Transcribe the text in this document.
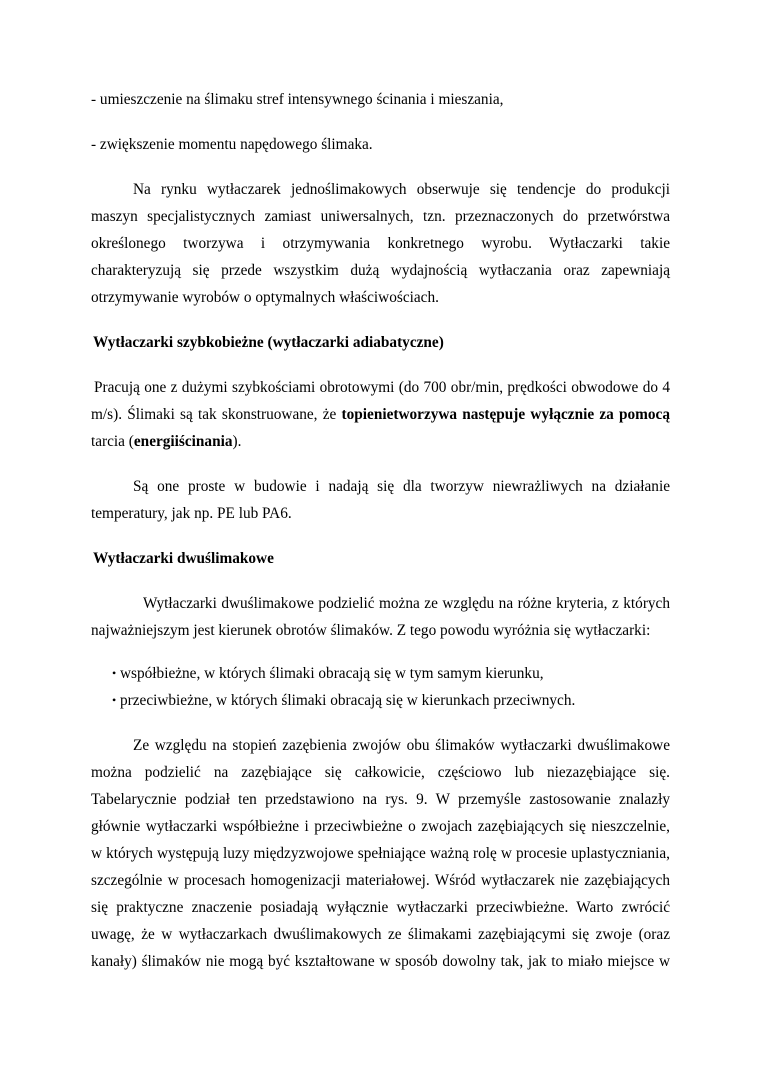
- umieszczenie na ślimaku stref intensywnego ścinania i mieszania,
- zwiększenie momentu napędowego ślimaka.
Na rynku wytłaczarek jednoślimakowych obserwuje się tendencje do produkcji
maszyn specjalistycznych zamiast uniwersalnych, tzn. przeznaczonych do przetwórstwa
określonego tworzywa i otrzymywania konkretnego wyrobu. Wytłaczarki takie
charakteryzują się przede wszystkim dużą wydajnością wytłaczania oraz zapewniają
otrzymywanie wyrobów o optymalnych właściwościach.
Wytłaczarki szybkobieżne (wytłaczarki adiabatyczne)
Pracują one z dużymi szybkościami obrotowymi (do 700 obr/min, prędkości obwodowe do 4
m/s). Ślimaki są tak skonstruowane, że topienietworzywa następuje wyłącznie za pomocą
tarcia (energiiścinania).
Są one proste w budowie i nadają się dla tworzyw niewrażliwych na działanie
temperatury, jak np. PE lub PA6.
Wytłaczarki dwuślimakowe
Wytłaczarki dwuślimakowe podzielić można ze względu na różne kryteria, z których
najważniejszym jest kierunek obrotów ślimaków. Z tego powodu wyróżnia się wytłaczarki:
• współbieżne, w których ślimaki obracają się w tym samym kierunku,
• przeciwbieżne, w których ślimaki obracają się w kierunkach przeciwnych.
Ze względu na stopień zazębienia zwojów obu ślimaków wytłaczarki dwuślimakowe
można podzielić na zazębiające się całkowicie, częściowo lub niezazębiające się.
Tabelarycznie podział ten przedstawiono na rys. 9. W przemyśle zastosowanie znalazły
głównie wytłaczarki współbieżne i przeciwbieżne o zwojach zazębiających się nieszczelnie,
w których występują luzy międzyzwojowe spełniające ważną rolę w procesie uplastyczniania,
szczególnie w procesach homogenizacji materiałowej. Wśród wytłaczarek nie zazębiających
się praktyczne znaczenie posiadają wyłącznie wytłaczarki przeciwbieżne. Warto zwrócić
uwagę, że w wytłaczarkach dwuślimakowych ze ślimakami zazębiającymi się zwoje (oraz
kanały) ślimaków nie mogą być kształtowane w sposób dowolny tak, jak to miało miejsce w
